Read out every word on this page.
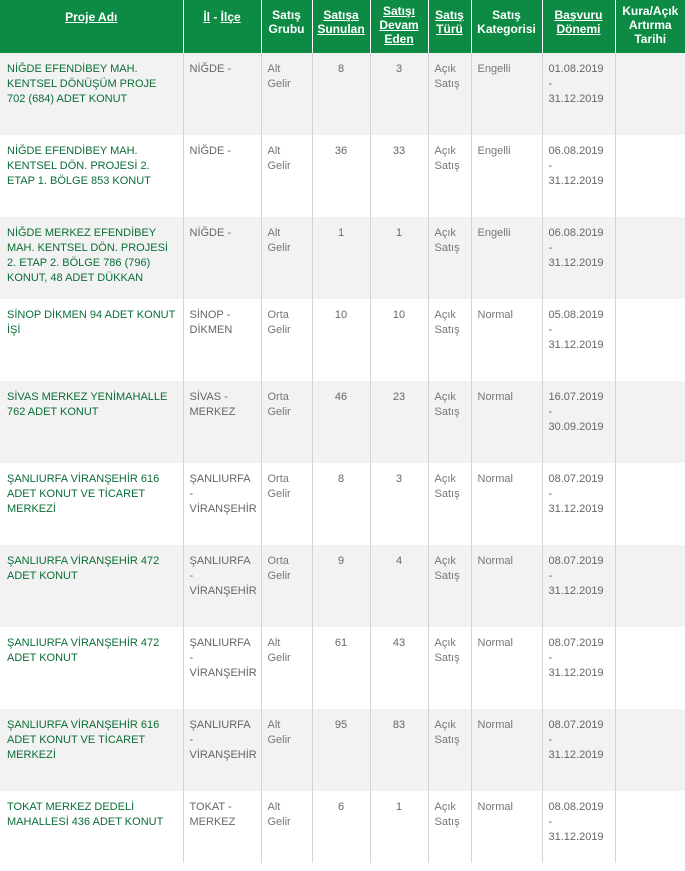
Proje Adı	İl - İlçe	Satış Grubu	Satışa Sunulan	Satışı Devam Eden	Satış Türü	Satış Kategorisi	Başvuru Dönemi	Kura/Açık Artırma Tarihi
NİĞDE EFENDİBEY MAH. KENTSEL DÖNÜŞÜM PROJE 702 (684) ADET KONUT	NİĞDE -	Alt Gelir	8	3	Açık Satış	Engelli	01.08.2019 - 31.12.2019	
NİĞDE EFENDİBEY MAH. KENTSEL DÖN. PROJESİ 2. ETAP 1. BÖLGE 853 KONUT	NİĞDE -	Alt Gelir	36	33	Açık Satış	Engelli	06.08.2019 - 31.12.2019	
NİĞDE MERKEZ EFENDİBEY MAH. KENTSEL DÖN. PROJESİ 2. ETAP 2. BÖLGE 786 (796) KONUT, 48 ADET DÜKKAN	NİĞDE -	Alt Gelir	1	1	Açık Satış	Engelli	06.08.2019 - 31.12.2019	
SİNOP DİKMEN 94 ADET KONUT İŞİ	SİNOP - DİKMEN	Orta Gelir	10	10	Açık Satış	Normal	05.08.2019 - 31.12.2019	
SİVAS MERKEZ YENİMAHALLE 762 ADET KONUT	SİVAS - MERKEZ	Orta Gelir	46	23	Açık Satış	Normal	16.07.2019 - 30.09.2019	
ŞANLIURFA VİRANŞEHİR 616 ADET KONUT VE TİCARET MERKEZİ	ŞANLIURFA - VİRANŞEHİR	Orta Gelir	8	3	Açık Satış	Normal	08.07.2019 - 31.12.2019	
ŞANLIURFA VİRANŞEHİR 472 ADET KONUT	ŞANLIURFA - VİRANŞEHİR	Orta Gelir	9	4	Açık Satış	Normal	08.07.2019 - 31.12.2019	
ŞANLIURFA VİRANŞEHİR 472 ADET KONUT	ŞANLIURFA - VİRANŞEHİR	Alt Gelir	61	43	Açık Satış	Normal	08.07.2019 - 31.12.2019	
ŞANLIURFA VİRANŞEHİR 616 ADET KONUT VE TİCARET MERKEZİ	ŞANLIURFA - VİRANŞEHİR	Alt Gelir	95	83	Açık Satış	Normal	08.07.2019 - 31.12.2019	
TOKAT MERKEZ DEDELİ MAHALLESİ 436 ADET KONUT	TOKAT - MERKEZ	Alt Gelir	6	1	Açık Satış	Normal	08.08.2019 - 31.12.2019	
